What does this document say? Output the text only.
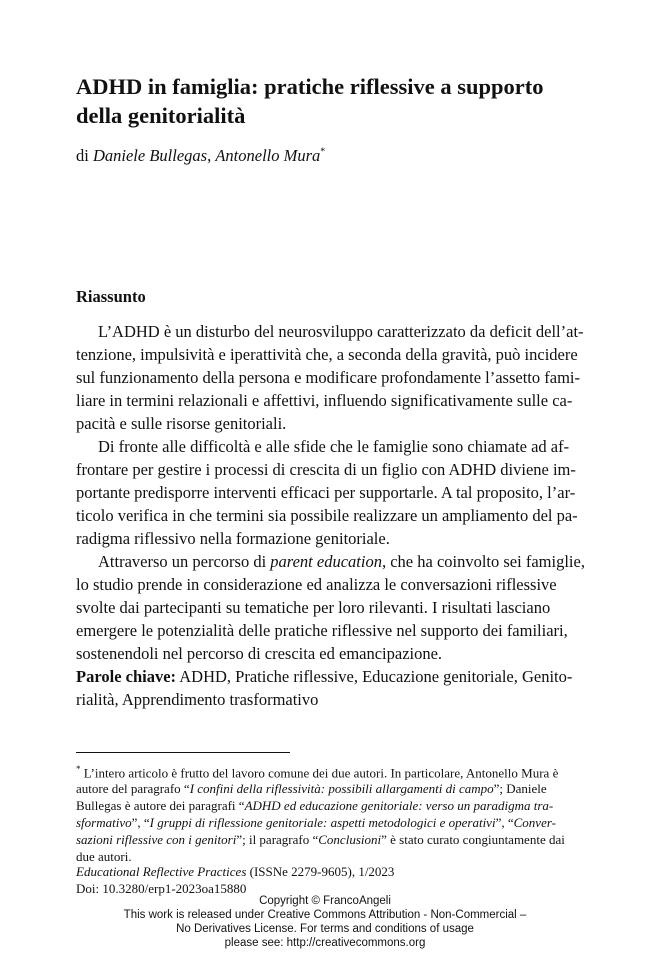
ADHD in famiglia: pratiche riflessive a supporto
della genitorialità
di Daniele Bullegas, Antonello Mura*
Riassunto
L’ADHD è un disturbo del neurosviluppo caratterizzato da deficit dell’at-
tenzione, impulsività e iperattività che, a seconda della gravità, può incidere
sul funzionamento della persona e modificare profondamente l’assetto fami-
liare in termini relazionali e affettivi, influendo significativamente sulle ca-
pacità e sulle risorse genitoriali.
Di fronte alle difficoltà e alle sfide che le famiglie sono chiamate ad af-
frontare per gestire i processi di crescita di un figlio con ADHD diviene im-
portante predisporre interventi efficaci per supportarle. A tal proposito, l’ar-
ticolo verifica in che termini sia possibile realizzare un ampliamento del pa-
radigma riflessivo nella formazione genitoriale.
Attraverso un percorso di parent education, che ha coinvolto sei famiglie,
lo studio prende in considerazione ed analizza le conversazioni riflessive
svolte dai partecipanti su tematiche per loro rilevanti. I risultati lasciano
emergere le potenzialità delle pratiche riflessive nel supporto dei familiari,
sostenendoli nel percorso di crescita ed emancipazione.
Parole chiave: ADHD, Pratiche riflessive, Educazione genitoriale, Genito-
rialità, Apprendimento trasformativo
* L’intero articolo è frutto del lavoro comune dei due autori. In particolare, Antonello Mura è
autore del paragrafo “I confini della riflessività: possibili allargamenti di campo”; Daniele
Bullegas è autore dei paragrafi “ADHD ed educazione genitoriale: verso un paradigma tra-
sformativo”, “I gruppi di riflessione genitoriale: aspetti metodologici e operativi”, “Conver-
sazioni riflessive con i genitori”; il paragrafo “Conclusioni” è stato curato congiuntamente dai
due autori.
Educational Reflective Practices (ISSNe 2279-9605), 1/2023
Doi: 10.3280/erp1-2023oa15880
Copyright © FrancoAngeli
This work is released under Creative Commons Attribution - Non-Commercial –
No Derivatives License. For terms and conditions of usage
please see: http://creativecommons.org
